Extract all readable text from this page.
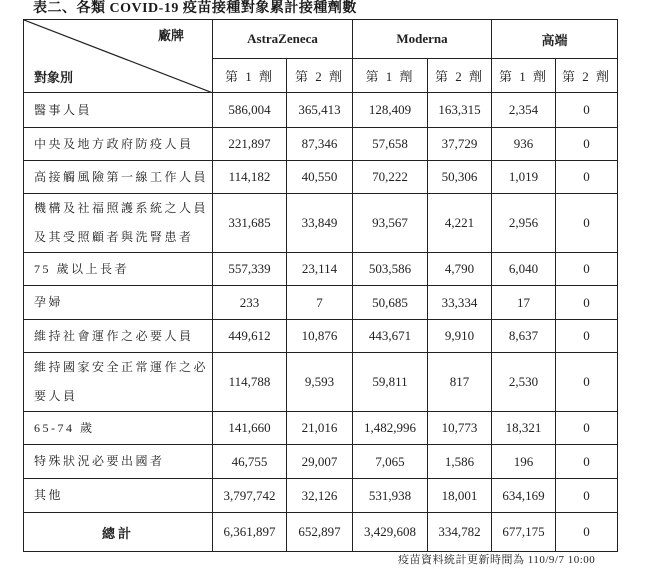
表二、各類 COVID-19 疫苗接種對象累計接種劑數
廠牌
對象別	AstraZeneca		Moderna		高端	
	第 1 劑	第 2 劑	第 1 劑	第 2 劑	第 1 劑	第 2 劑
醫事人員	586,004	365,413	128,409	163,315	2,354	0
中央及地方政府防疫人員	221,897	87,346	57,658	37,729	936	0
高接觸風險第一線工作人員	114,182	40,550	70,222	50,306	1,019	0
機構及社福照護系統之人員
及其受照顧者與洗腎患者	331,685	33,849	93,567	4,221	2,956	0
75 歲以上長者	557,339	23,114	503,586	4,790	6,040	0
孕婦	233	7	50,685	33,334	17	0
維持社會運作之必要人員	449,612	10,876	443,671	9,910	8,637	0
維持國家安全正常運作之必
要人員	114,788	9,593	59,811	817	2,530	0
65-74 歲	141,660	21,016	1,482,996	10,773	18,321	0
特殊狀況必要出國者	46,755	29,007	7,065	1,586	196	0
其他	3,797,742	32,126	531,938	18,001	634,169	0
總計	6,361,897	652,897	3,429,608	334,782	677,175	0
疫苗資料統計更新時間為 110/9/7 10:00
